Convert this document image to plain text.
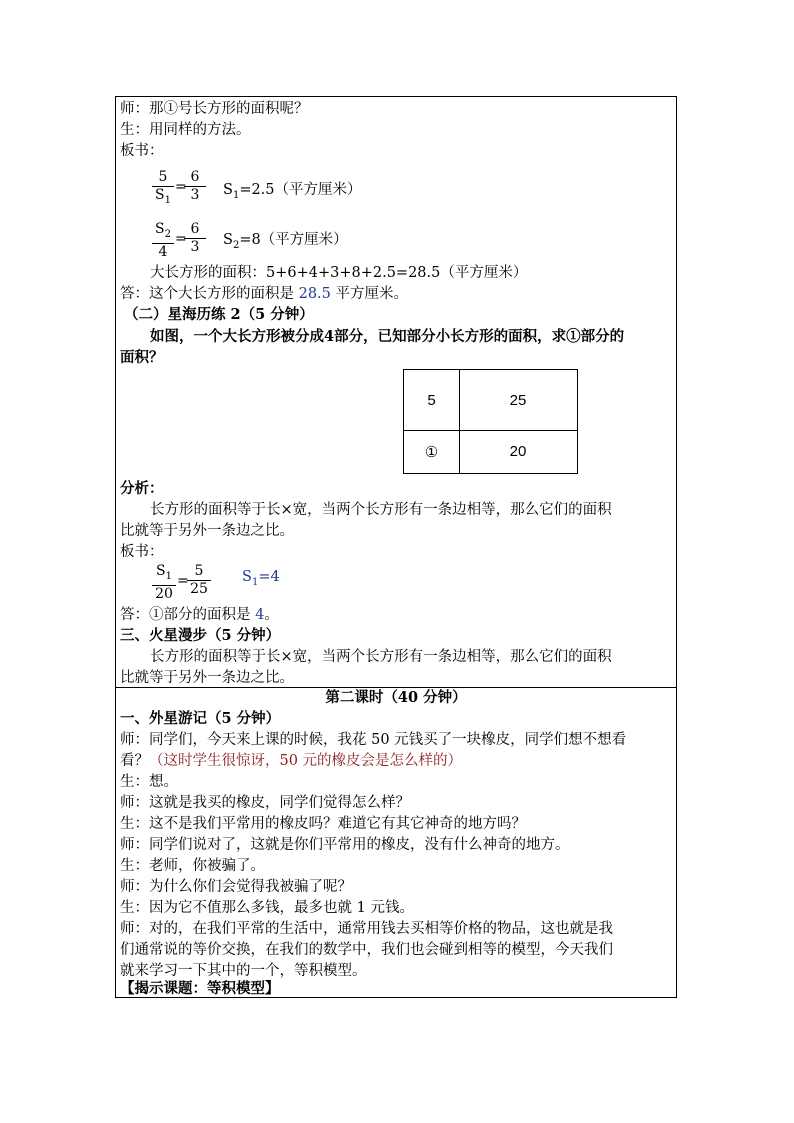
师：那①号长方形的面积呢？
生：用同样的方法。
板书：
$\frac{5}{S_1}$ =
$\frac{6}{3} S_1=2.5$（平方厘米）
$\frac{S_2}{4}$ =
$\frac{6}{3} S_2=8$（平方厘米）
大长方形的面积：5+6+4+3+8+2.5=28.5（平方厘米）
答：这个大长方形的面积是 28.5 平方厘米。
（二）星海历练 2（5 分钟）
如图，一个大长方形被分成4部分，已知部分小长方形的面积，求①部分的
面积？
5	25
①	20
分析：
长方形的面积等于长×宽，当两个长方形有一条边相等，那么它们的面积
比就等于另外一条边之比。
板书：
$\frac{S_1}{20}$ =
$\frac{5}{25} S_1=4$
答：①部分的面积是 4。
三、火星漫步（5 分钟）
长方形的面积等于长×宽，当两个长方形有一条边相等，那么它们的面积
比就等于另外一条边之比。
第二课时（40 分钟）
一、外星游记（5 分钟）
师：同学们，今天来上课的时候，我花 50 元钱买了一块橡皮，同学们想不想看
看？（这时学生很惊讶，50 元的橡皮会是怎么样的）
生：想。
师：这就是我买的橡皮，同学们觉得怎么样？
生：这不是我们平常用的橡皮吗？难道它有其它神奇的地方吗？
师：同学们说对了，这就是你们平常用的橡皮，没有什么神奇的地方。
生：老师，你被骗了。
师：为什么你们会觉得我被骗了呢？
生：因为它不值那么多钱，最多也就 1 元钱。
师：对的，在我们平常的生活中，通常用钱去买相等价格的物品，这也就是我
们通常说的等价交换，在我们的数学中，我们也会碰到相等的模型，今天我们
就来学习一下其中的一个，等积模型。
【揭示课题：等积模型】
